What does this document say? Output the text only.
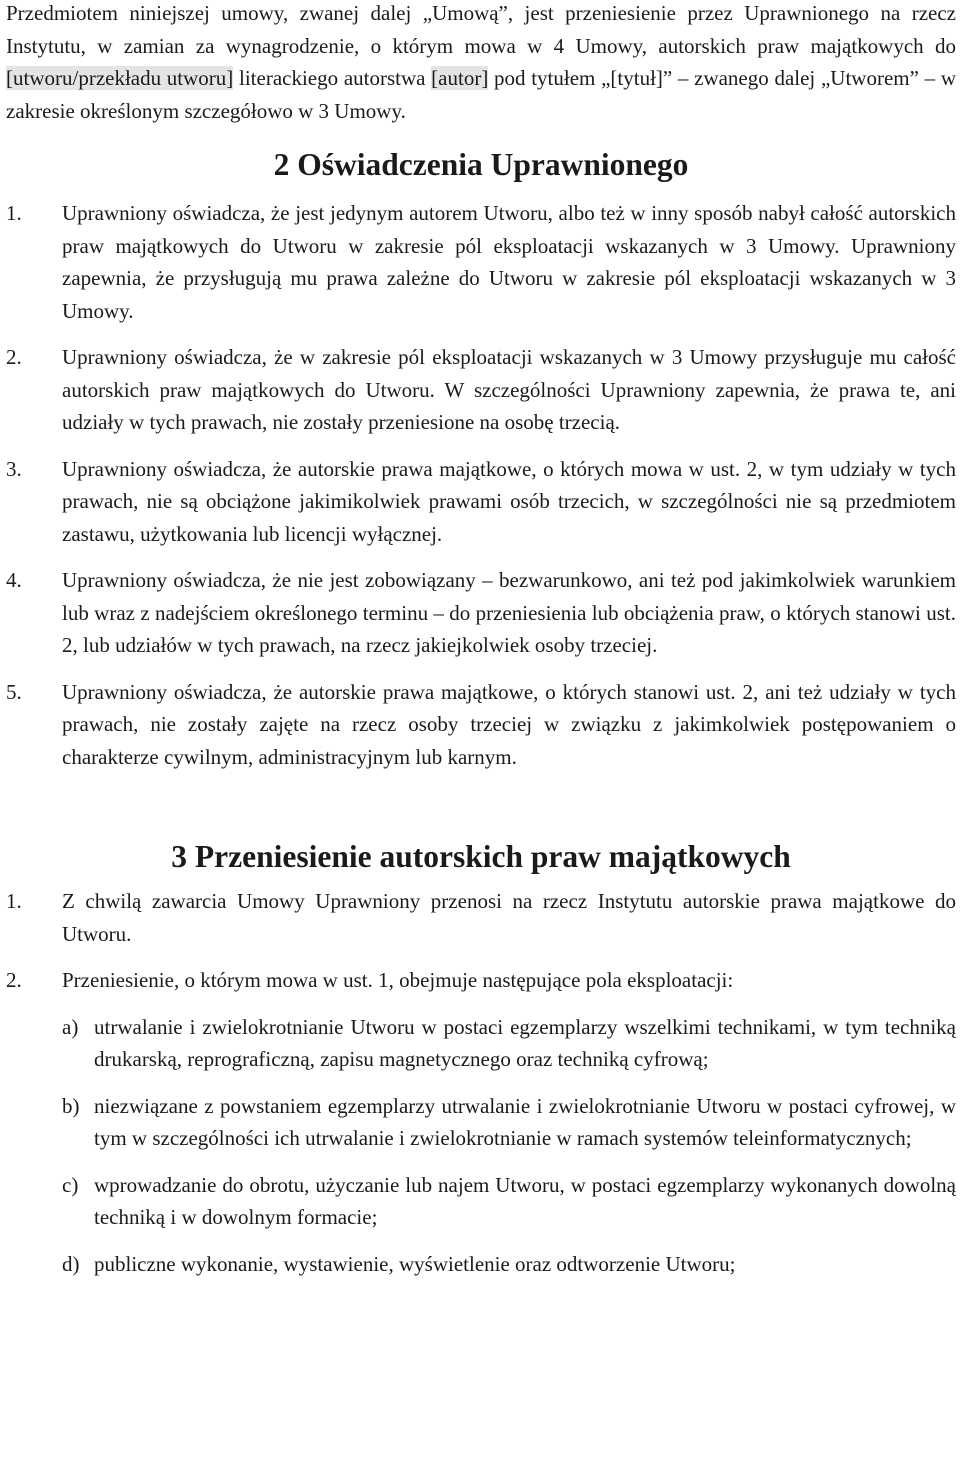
Przedmiotem niniejszej umowy, zwanej dalej „Umową”, jest przeniesienie przez Uprawnionego na rzecz Instytutu, w zamian za wynagrodzenie, o którym mowa w 4 Umowy, autorskich praw majątkowych do [utworu/przekładu utworu] literackiego autorstwa [autor] pod tytułem „[tytuł]” – zwanego dalej „Utworem” – w zakresie określonym szczegółowo w 3 Umowy.

2 Oświadczenia Uprawnionego
1.	Uprawniony oświadcza, że jest jedynym autorem Utworu, albo też w inny sposób nabył całość autorskich praw majątkowych do Utworu w zakresie pól eksploatacji wskazanych w 3 Umowy. Uprawniony zapewnia, że przysługują mu prawa zależne do Utworu w zakresie pól eksploatacji wskazanych w 3 Umowy.

2.	Uprawniony oświadcza, że w zakresie pól eksploatacji wskazanych w 3 Umowy przysługuje mu całość autorskich praw majątkowych do Utworu. W szczególności Uprawniony zapewnia, że prawa te, ani udziały w tych prawach, nie zostały przeniesione na osobę trzecią.

3.	Uprawniony oświadcza, że autorskie prawa majątkowe, o których mowa w ust. 2, w tym udziały w tych prawach, nie są obciążone jakimikolwiek prawami osób trzecich, w szczególności nie są przedmiotem zastawu, użytkowania lub licencji wyłącznej.

4.	Uprawniony oświadcza, że nie jest zobowiązany – bezwarunkowo, ani też pod jakimkolwiek warunkiem lub wraz z nadejściem określonego terminu – do przeniesienia lub obciążenia praw, o których stanowi ust. 2, lub udziałów w tych prawach, na rzecz jakiejkolwiek osoby trzeciej.

5.	Uprawniony oświadcza, że autorskie prawa majątkowe, o których stanowi ust. 2, ani też udziały w tych prawach, nie zostały zajęte na rzecz osoby trzeciej w związku z jakimkolwiek postępowaniem o charakterze cywilnym, administracyjnym lub karnym.

3 Przeniesienie autorskich praw majątkowych
1.	Z chwilą zawarcia Umowy Uprawniony przenosi na rzecz Instytutu autorskie prawa majątkowe do Utworu.

2.	Przeniesienie, o którym mowa w ust. 1, obejmuje następujące pola eksploatacji:

a) utrwalanie i zwielokrotnianie Utworu w postaci egzemplarzy wszelkimi technikami, w tym techniką drukarską, reprograficzną, zapisu magnetycznego oraz techniką cyfrową;

b) niezwiązane z powstaniem egzemplarzy utrwalanie i zwielokrotnianie Utworu w postaci cyfrowej, w tym w szczególności ich utrwalanie i zwielokrotnianie w ramach systemów teleinformatycznych;

c) wprowadzanie do obrotu, użyczanie lub najem Utworu, w postaci egzemplarzy wykonanych dowolną techniką i w dowolnym formacie;

d) publiczne wykonanie, wystawienie, wyświetlenie oraz odtworzenie Utworu;
